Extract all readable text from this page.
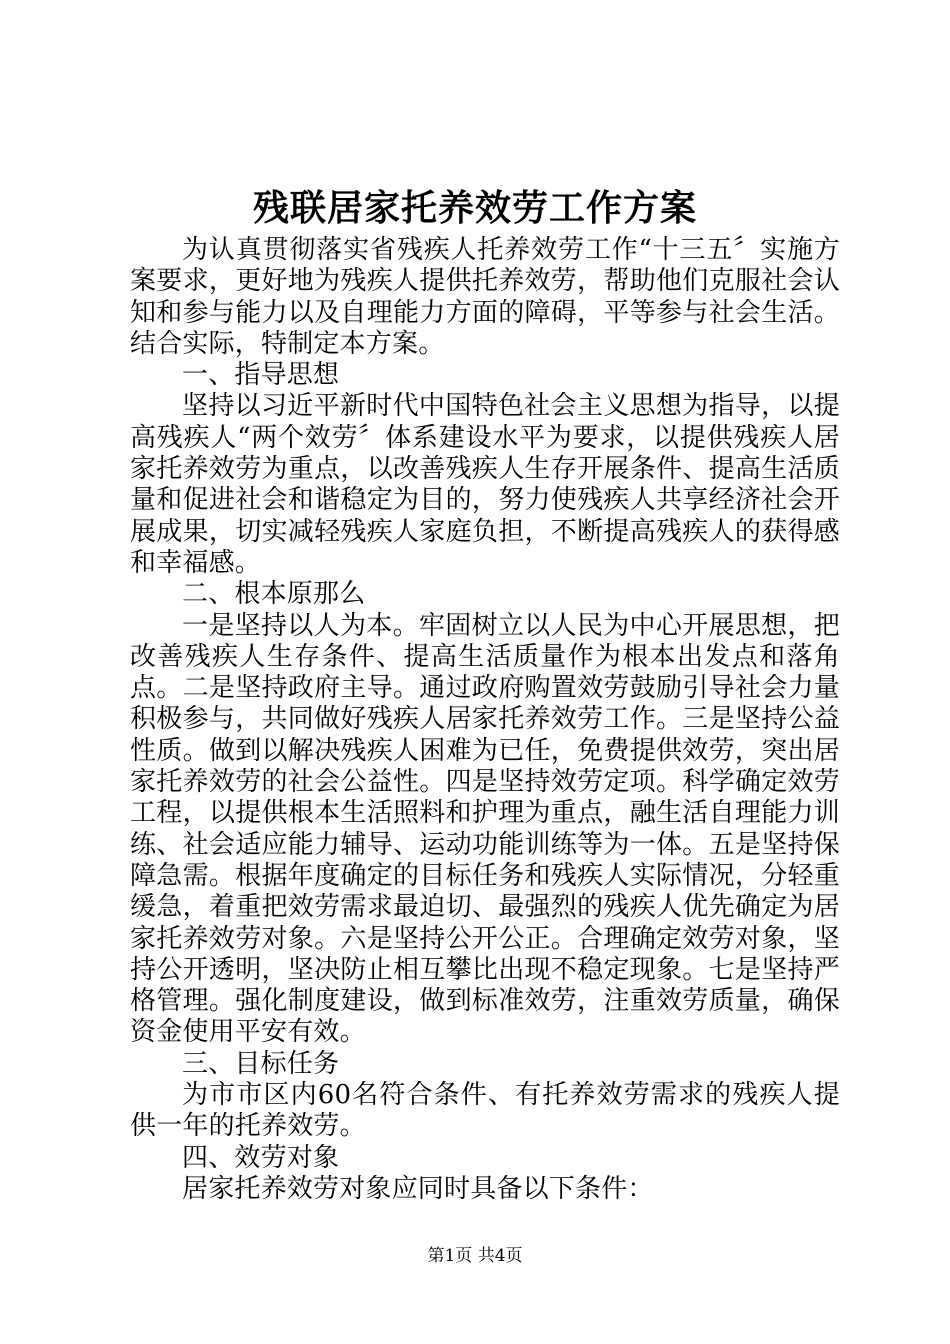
残联居家托养效劳工作方案

为认真贯彻落实省残疾人托养效劳工作“十三五〞实施方案要求，更好地为残疾人提供托养效劳，帮助他们克服社会认知和参与能力以及自理能力方面的障碍，平等参与社会生活。结合实际，特制定本方案。

一、指导思想

坚持以习近平新时代中国特色社会主义思想为指导，以提高残疾人“两个效劳〞体系建设水平为要求，以提供残疾人居家托养效劳为重点，以改善残疾人生存开展条件、提高生活质量和促进社会和谐稳定为目的，努力使残疾人共享经济社会开展成果，切实减轻残疾人家庭负担，不断提高残疾人的获得感和幸福感。

二、根本原那么

一是坚持以人为本。牢固树立以人民为中心开展思想，把改善残疾人生存条件、提高生活质量作为根本出发点和落角点。二是坚持政府主导。通过政府购置效劳鼓励引导社会力量积极参与，共同做好残疾人居家托养效劳工作。三是坚持公益性质。做到以解决残疾人困难为已任，免费提供效劳，突出居家托养效劳的社会公益性。四是坚持效劳定项。科学确定效劳工程，以提供根本生活照料和护理为重点，融生活自理能力训练、社会适应能力辅导、运动功能训练等为一体。五是坚持保障急需。根据年度确定的目标任务和残疾人实际情况，分轻重缓急，着重把效劳需求最迫切、最强烈的残疾人优先确定为居家托养效劳对象。六是坚持公开公正。合理确定效劳对象，坚持公开透明，坚决防止相互攀比出现不稳定现象。七是坚持严格管理。强化制度建设，做到标准效劳，注重效劳质量，确保资金使用平安有效。

三、目标任务

为市市区内60名符合条件、有托养效劳需求的残疾人提供一年的托养效劳。

四、效劳对象

居家托养效劳对象应同时具备以下条件：

第1页 共4页
